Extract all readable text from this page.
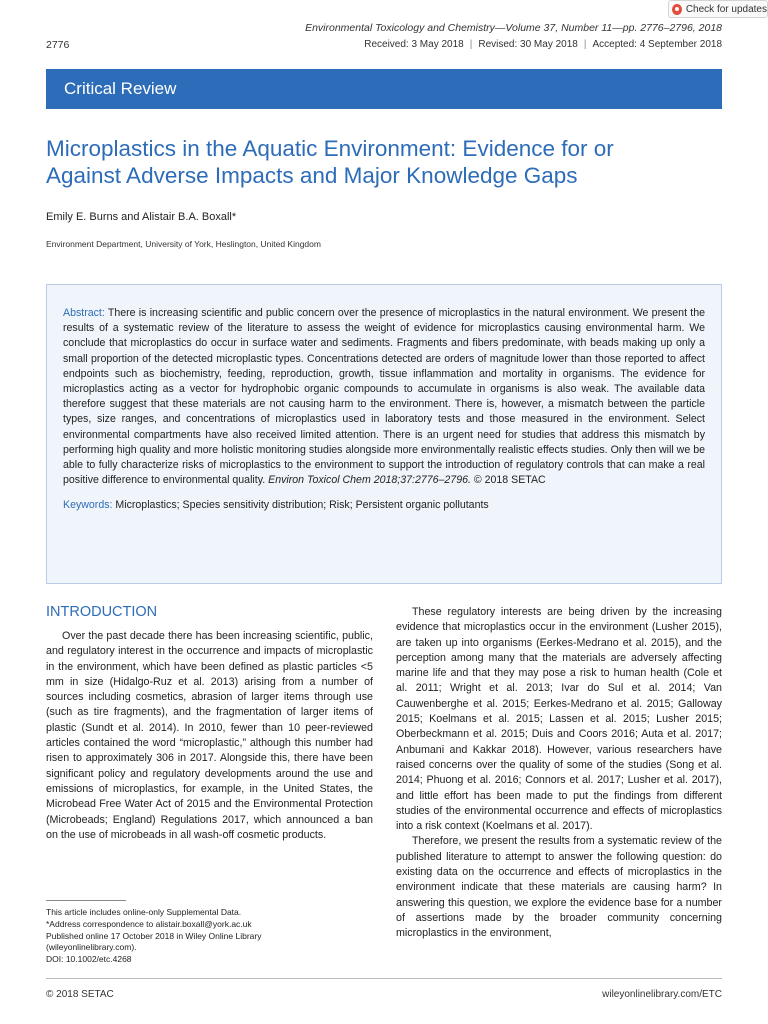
Check for updates
Environmental Toxicology and Chemistry—Volume 37, Number 11—pp. 2776–2796, 2018
2776	Received: 3 May 2018 | Revised: 30 May 2018 | Accepted: 4 September 2018
Critical Review
Microplastics in the Aquatic Environment: Evidence for or
Against Adverse Impacts and Major Knowledge Gaps
Emily E. Burns and Alistair B.A. Boxall*
Environment Department, University of York, Heslington, United Kingdom

Abstract: There is increasing scientific and public concern over the presence of microplastics in the natural environment. We present the results of a systematic review of the literature to assess the weight of evidence for microplastics causing environmental harm. We conclude that microplastics do occur in surface water and sediments. Fragments and fibers predominate, with beads making up only a small proportion of the detected microplastic types. Concentrations detected are orders of magnitude lower than those reported to affect endpoints such as biochemistry, feeding, reproduction, growth, tissue inflammation and mortality in organisms. The evidence for microplastics acting as a vector for hydrophobic organic compounds to accumulate in organisms is also weak. The available data therefore suggest that these materials are not causing harm to the environment. There is, however, a mismatch between the particle types, size ranges, and concentrations of microplastics used in laboratory tests and those measured in the environment. Select environmental compartments have also received limited attention. There is an urgent need for studies that address this mismatch by performing high quality and more holistic monitoring studies alongside more environmentally realistic effects studies. Only then will we be able to fully characterize risks of microplastics to the environment to support the introduction of regulatory controls that can make a real positive difference to environmental quality. Environ Toxicol Chem 2018;37:2776–2796. © 2018 SETAC

Keywords: Microplastics; Species sensitivity distribution; Risk; Persistent organic pollutants

INTRODUCTION

Over the past decade there has been increasing scientific, public, and regulatory interest in the occurrence and impacts of microplastic in the environment, which have been defined as plastic particles <5 mm in size (Hidalgo-Ruz et al. 2013) arising from a number of sources including cosmetics, abrasion of larger items through use (such as tire fragments), and the fragmentation of larger items of plastic (Sundt et al. 2014). In 2010, fewer than 10 peer-reviewed articles contained the word “microplastic,” although this number had risen to approximately 306 in 2017. Alongside this, there have been significant policy and regulatory developments around the use and emissions of microplastics, for example, in the United States, the Microbead Free Water Act of 2015 and the Environmental Protection (Microbeads; England) Regulations 2017, which announced a ban on the use of microbeads in all wash-off cosmetic products.

These regulatory interests are being driven by the increasing evidence that microplastics occur in the environment (Lusher 2015), are taken up into organisms (Eerkes-Medrano et al. 2015), and the perception among many that the materials are adversely affecting marine life and that they may pose a risk to human health (Cole et al. 2011; Wright et al. 2013; Ivar do Sul et al. 2014; Van Cauwenberghe et al. 2015; Eerkes-Medrano et al. 2015; Galloway 2015; Koelmans et al. 2015; Lassen et al. 2015; Lusher 2015; Oberbeckmann et al. 2015; Duis and Coors 2016; Auta et al. 2017; Anbumani and Kakkar 2018). However, various researchers have raised concerns over the quality of some of the studies (Song et al. 2014; Phuong et al. 2016; Connors et al. 2017; Lusher et al. 2017), and little effort has been made to put the findings from different studies of the environmental occurrence and effects of microplastics into a risk context (Koelmans et al. 2017).

Therefore, we present the results from a systematic review of the published literature to attempt to answer the following question: do existing data on the occurrence and effects of microplastics in the environment indicate that these materials are causing harm? In answering this question, we explore the evidence base for a number of assertions made by the broader community concerning microplastics in the environment,

This article includes online-only Supplemental Data.
*Address correspondence to alistair.boxall@york.ac.uk
Published online 17 October 2018 in Wiley Online Library
(wileyonlinelibrary.com).
DOI: 10.1002/etc.4268
© 2018 SETAC	wileyonlinelibrary.com/ETC
